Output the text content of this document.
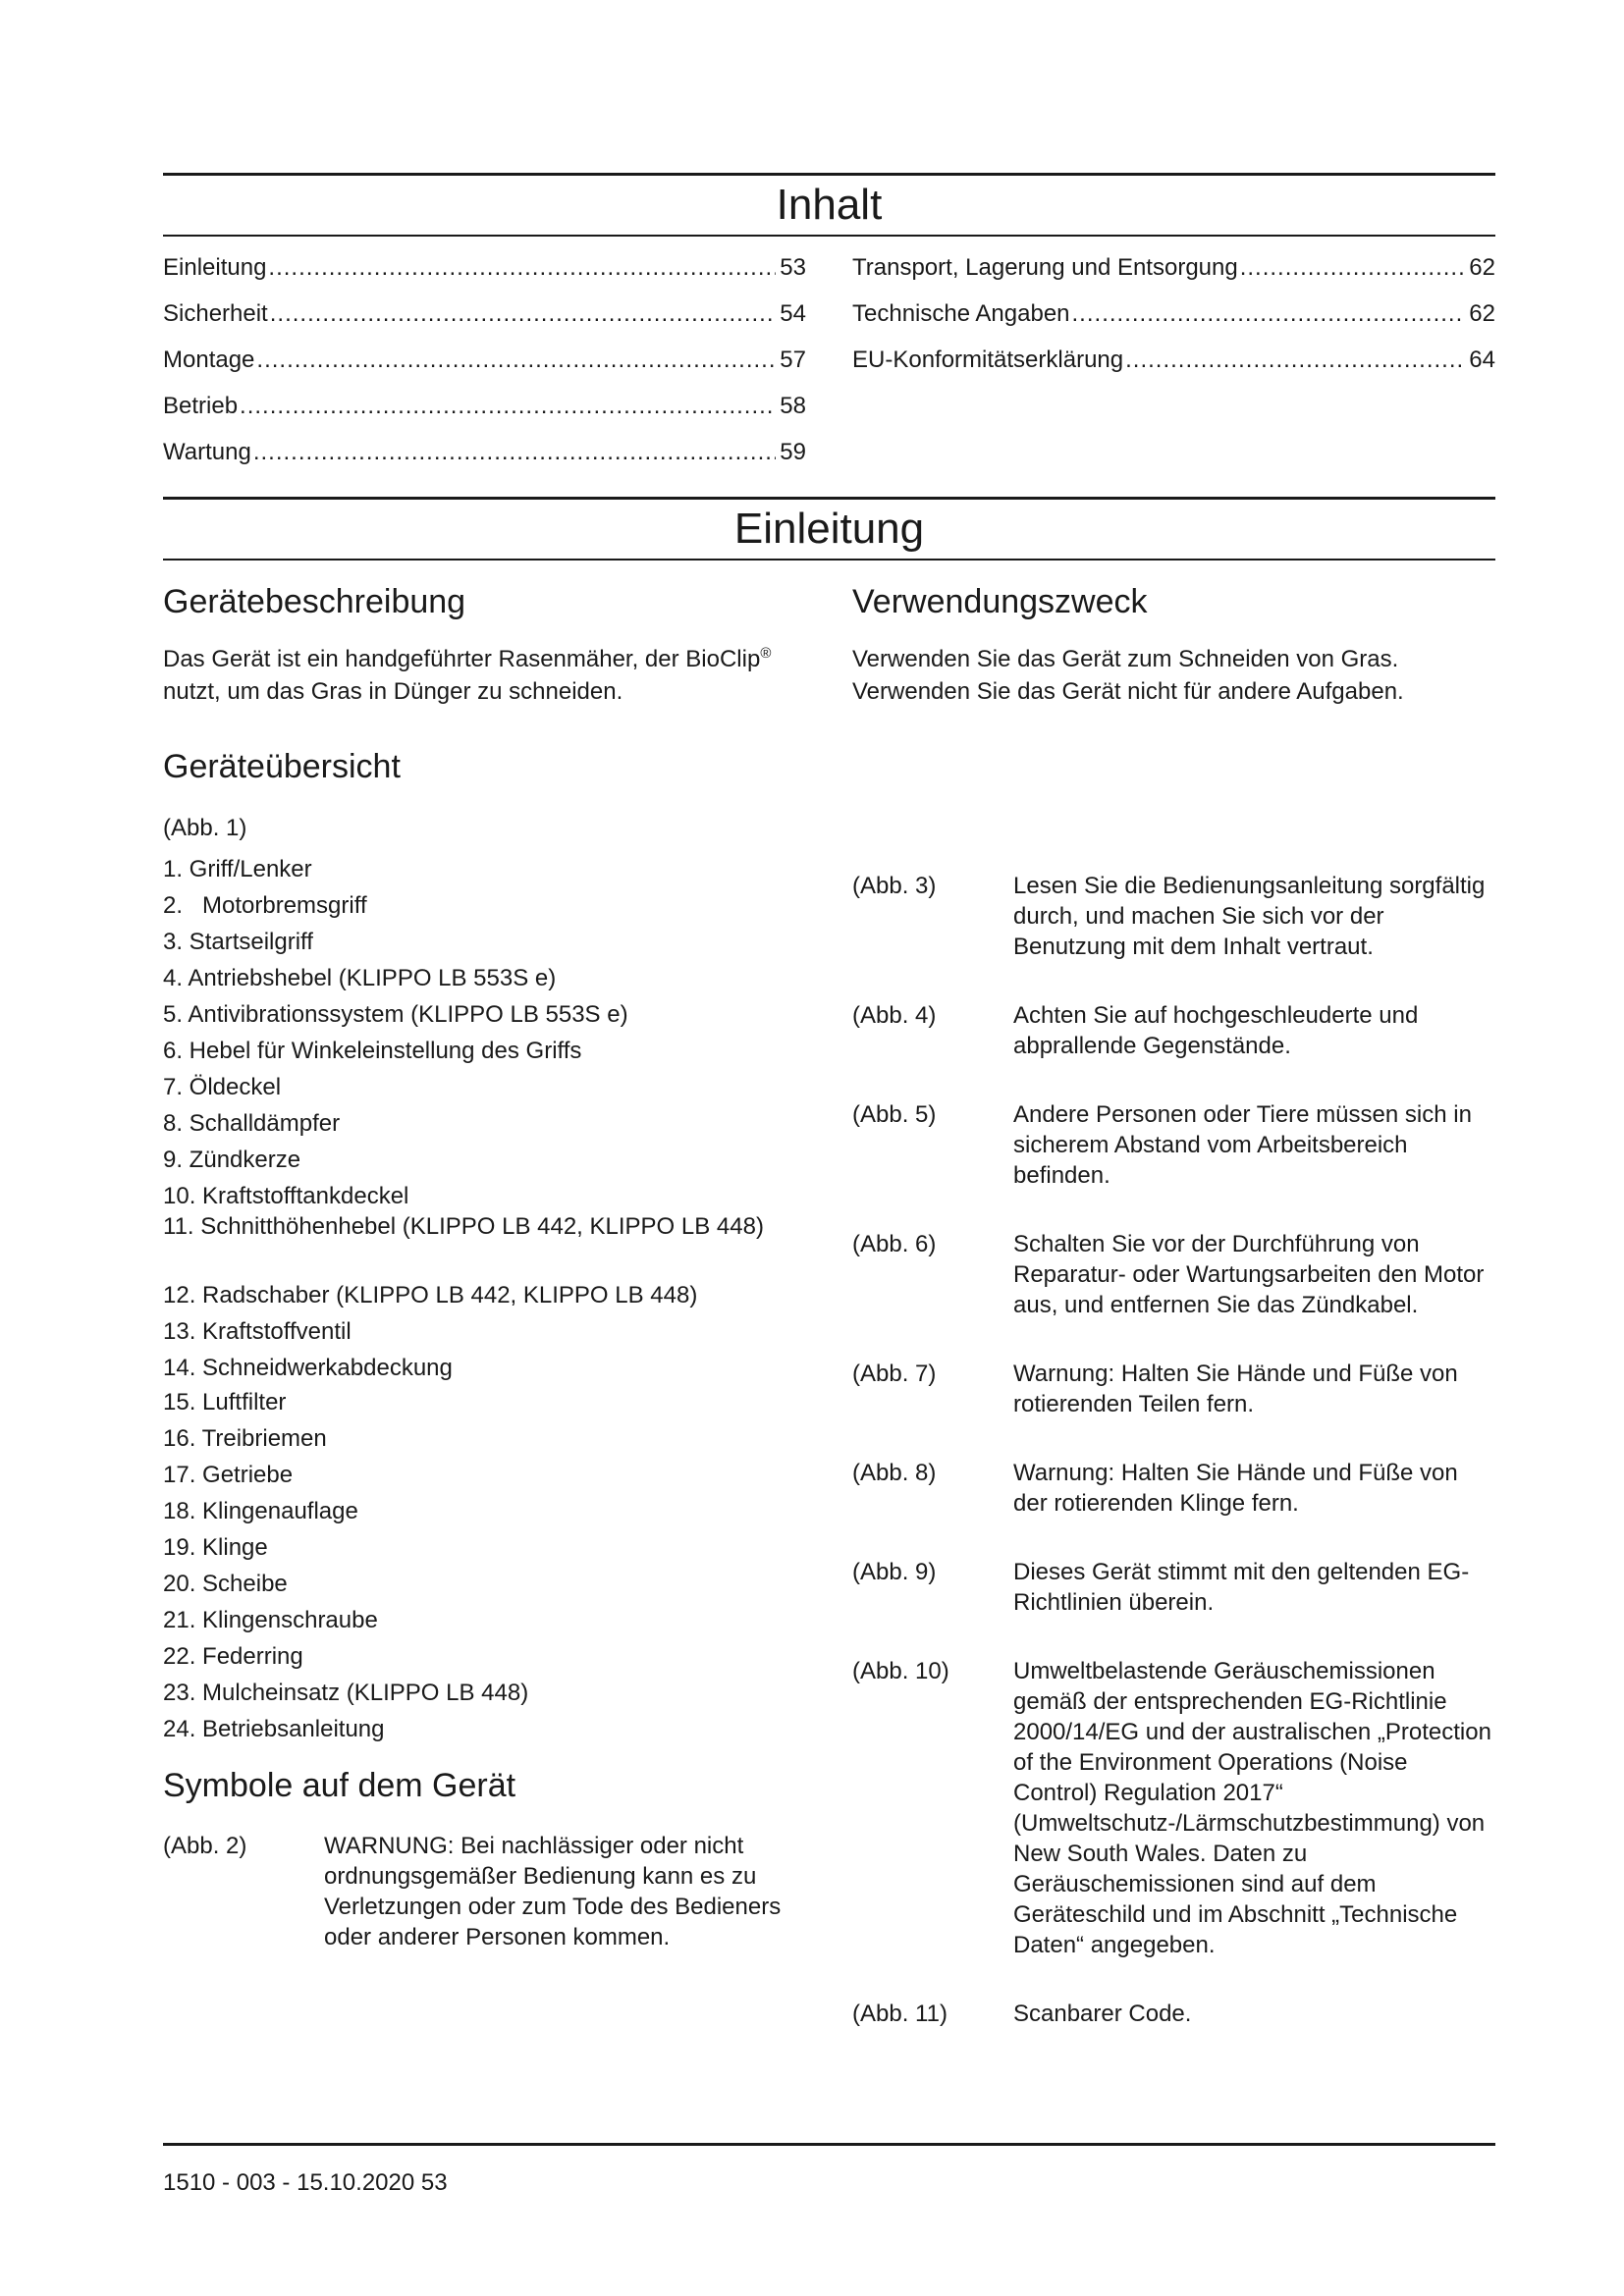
Inhalt
Einleitung .....	53
Sicherheit .....	54
Montage .....	57
Betrieb .....	58
Wartung .....	59
Transport, Lagerung und Entsorgung .....	62
Technische Angaben .....	62
EU-Konformitätserklärung .....	64
Einleitung
Gerätebeschreibung

Das Gerät ist ein handgeführter Rasenmäher, der BioClip® nutzt, um das Gras in Dünger zu schneiden.

Geräteübersicht
(Abb. 1)
1. Griff/Lenker
2.   Motorbremsgriff
3. Startseilgriff
4. Antriebshebel (KLIPPO LB 553S e)
5. Antivibrationssystem (KLIPPO LB 553S e)
6. Hebel für Winkeleinstellung des Griffs
7. Öldeckel
8. Schalldämpfer
9. Zündkerze
10. Kraftstofftankdeckel
11. Schnitthöhenhebel (KLIPPO LB 442, KLIPPO LB 448)
12. Radschaber (KLIPPO LB 442, KLIPPO LB 448)
13. Kraftstoffventil
14. Schneidwerkabdeckung
15. Luftfilter
16. Treibriemen
17. Getriebe
18. Klingenauflage
19. Klinge
20. Scheibe
21. Klingenschraube
22. Federring
23. Mulcheinsatz (KLIPPO LB 448)
24. Betriebsanleitung
Symbole auf dem Gerät
(Abb. 2)	WARNUNG: Bei nachlässiger oder nicht ordnungsgemäßer Bedienung kann es zu Verletzungen oder zum Tode des Bedieners oder anderer Personen kommen.
Verwendungszweck

Verwenden Sie das Gerät zum Schneiden von Gras. Verwenden Sie das Gerät nicht für andere Aufgaben.

(Abb. 3)	Lesen Sie die Bedienungsanleitung sorgfältig durch, und machen Sie sich vor der Benutzung mit dem Inhalt vertraut.
(Abb. 4)	Achten Sie auf hochgeschleuderte und abprallende Gegenstände.
(Abb. 5)	Andere Personen oder Tiere müssen sich in sicherem Abstand vom Arbeitsbereich befinden.
(Abb. 6)	Schalten Sie vor der Durchführung von Reparatur- oder Wartungsarbeiten den Motor aus, und entfernen Sie das Zündkabel.
(Abb. 7)	Warnung: Halten Sie Hände und Füße von rotierenden Teilen fern.
(Abb. 8)	Warnung: Halten Sie Hände und Füße von der rotierenden Klinge fern.
(Abb. 9)	Dieses Gerät stimmt mit den geltenden EG-Richtlinien überein.
(Abb. 10)	Umweltbelastende Geräuschemissionen gemäß der entsprechenden EG-Richtlinie 2000/14/EG und der australischen „Protection of the Environment Operations (Noise Control) Regulation 2017“ (Umweltschutz-/Lärmschutzbestimmung) von New South Wales. Daten zu Geräuschemissionen sind auf dem Geräteschild und im Abschnitt „Technische Daten“ angegeben.
(Abb. 11)	Scanbarer Code.
1510 - 003 - 15.10.2020 53
